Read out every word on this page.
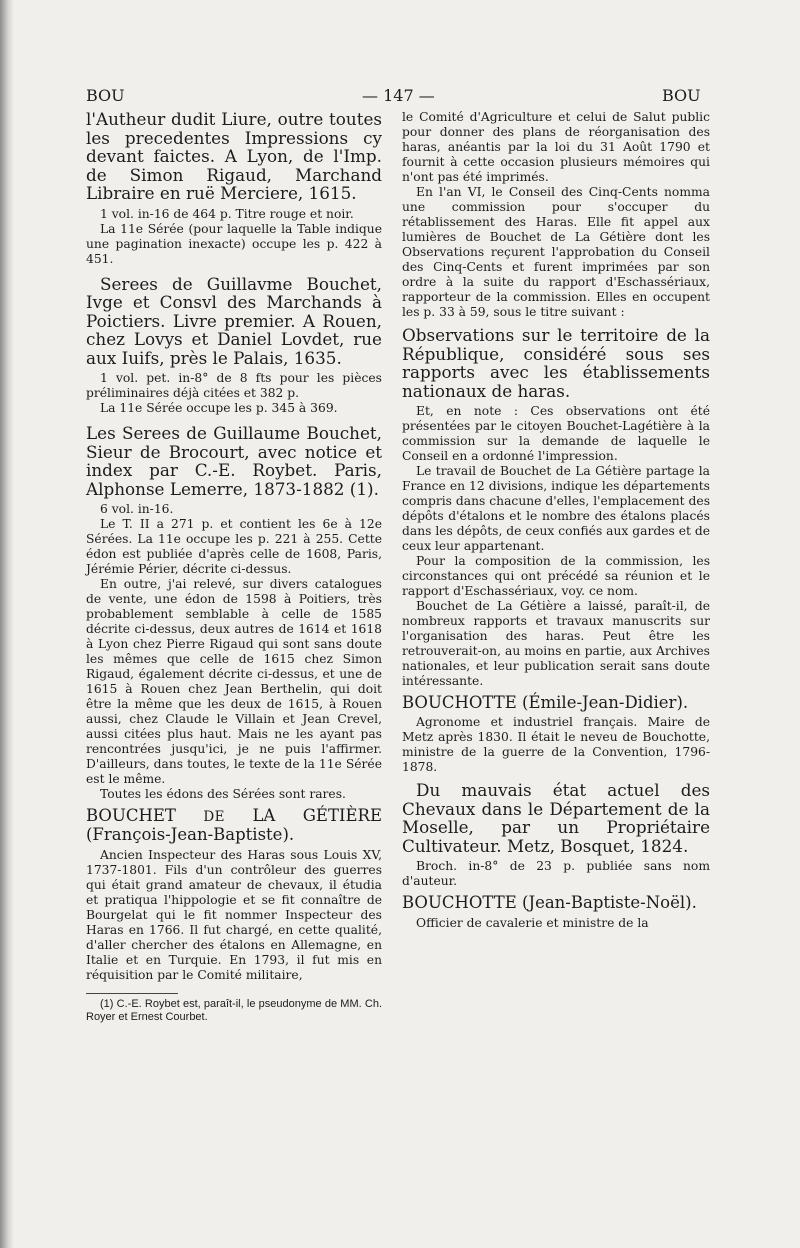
BOU	— 147 —	BOU

l'Autheur dudit Liure, outre toutes les precedentes Impressions cy devant faictes. A Lyon, de l'Imp. de Simon Rigaud, Marchand Libraire en ruë Merciere, 1615.

1 vol. in-16 de 464 p. Titre rouge et noir.

La 11e Sérée (pour laquelle la Table indique une pagination inexacte) occupe les p. 422 à 451.

Serees de Guillavme Bouchet, Ivge et Consvl des Marchands à Poictiers. Livre premier. A Rouen, chez Lovys et Daniel Lovdet, rue aux Iuifs, près le Palais, 1635.

1 vol. pet. in-8° de 8 fts pour les pièces préliminaires déjà citées et 382 p.

La 11e Sérée occupe les p. 345 à 369.

Les Serees de Guillaume Bouchet, Sieur de Brocourt, avec notice et index par C.-E. Roybet. Paris, Alphonse Lemerre, 1873-1882 (1).

6 vol. in-16.

Le T. II a 271 p. et contient les 6e à 12e Sérées. La 11e occupe les p. 221 à 255. Cette édon est publiée d'après celle de 1608, Paris, Jérémie Périer, décrite ci-dessus.

En outre, j'ai relevé, sur divers catalogues de vente, une édon de 1598 à Poitiers, très probablement semblable à celle de 1585 décrite ci-dessus, deux autres de 1614 et 1618 à Lyon chez Pierre Rigaud qui sont sans doute les mêmes que celle de 1615 chez Simon Rigaud, également décrite ci-dessus, et une de 1615 à Rouen chez Jean Berthelin, qui doit être la même que les deux de 1615, à Rouen aussi, chez Claude le Villain et Jean Crevel, aussi citées plus haut. Mais ne les ayant pas rencontrées jusqu'ici, je ne puis l'affirmer. D'ailleurs, dans toutes, le texte de la 11e Sérée est le même.

Toutes les édons des Sérées sont rares.

BOUCHET DE LA GÉTIÈRE (François-Jean-Baptiste).

Ancien Inspecteur des Haras sous Louis XV, 1737-1801. Fils d'un contrôleur des guerres qui était grand amateur de chevaux, il étudia et pratiqua l'hippologie et se fit connaître de Bourgelat qui le fit nommer Inspecteur des Haras en 1766. Il fut chargé, en cette qualité, d'aller chercher des étalons en Allemagne, en Italie et en Turquie. En 1793, il fut mis en réquisition par le Comité militaire,

(1) C.-E. Roybet est, paraît-il, le pseudonyme de MM. Ch. Royer et Ernest Courbet.

le Comité d'Agriculture et celui de Salut public pour donner des plans de réorganisation des haras, anéantis par la loi du 31 Août 1790 et fournit à cette occasion plusieurs mémoires qui n'ont pas été imprimés.

En l'an VI, le Conseil des Cinq-Cents nomma une commission pour s'occuper du rétablissement des Haras. Elle fit appel aux lumières de Bouchet de La Gétière dont les Observations reçurent l'approbation du Conseil des Cinq-Cents et furent imprimées par son ordre à la suite du rapport d'Eschassériaux, rapporteur de la commission. Elles en occupent les p. 33 à 59, sous le titre suivant :

Observations sur le territoire de la République, considéré sous ses rapports avec les établissements nationaux de haras.

Et, en note : Ces observations ont été présentées par le citoyen Bouchet-Lagétière à la commission sur la demande de laquelle le Conseil en a ordonné l'impression.

Le travail de Bouchet de La Gétière partage la France en 12 divisions, indique les départements compris dans chacune d'elles, l'emplacement des dépôts d'étalons et le nombre des étalons placés dans les dépôts, de ceux confiés aux gardes et de ceux leur appartenant.

Pour la composition de la commission, les circonstances qui ont précédé sa réunion et le rapport d'Eschassériaux, voy. ce nom.

Bouchet de La Gétière a laissé, paraît-il, de nombreux rapports et travaux manuscrits sur l'organisation des haras. Peut être les retrouverait-on, au moins en partie, aux Archives nationales, et leur publication serait sans doute intéressante.

BOUCHOTTE (Émile-Jean-Didier).

Agronome et industriel français. Maire de Metz après 1830. Il était le neveu de Bouchotte, ministre de la guerre de la Convention, 1796-1878.

Du mauvais état actuel des Chevaux dans le Département de la Moselle, par un Propriétaire Cultivateur. Metz, Bosquet, 1824.

Broch. in-8° de 23 p. publiée sans nom d'auteur.

BOUCHOTTE (Jean-Baptiste-Noël).

Officier de cavalerie et ministre de la
